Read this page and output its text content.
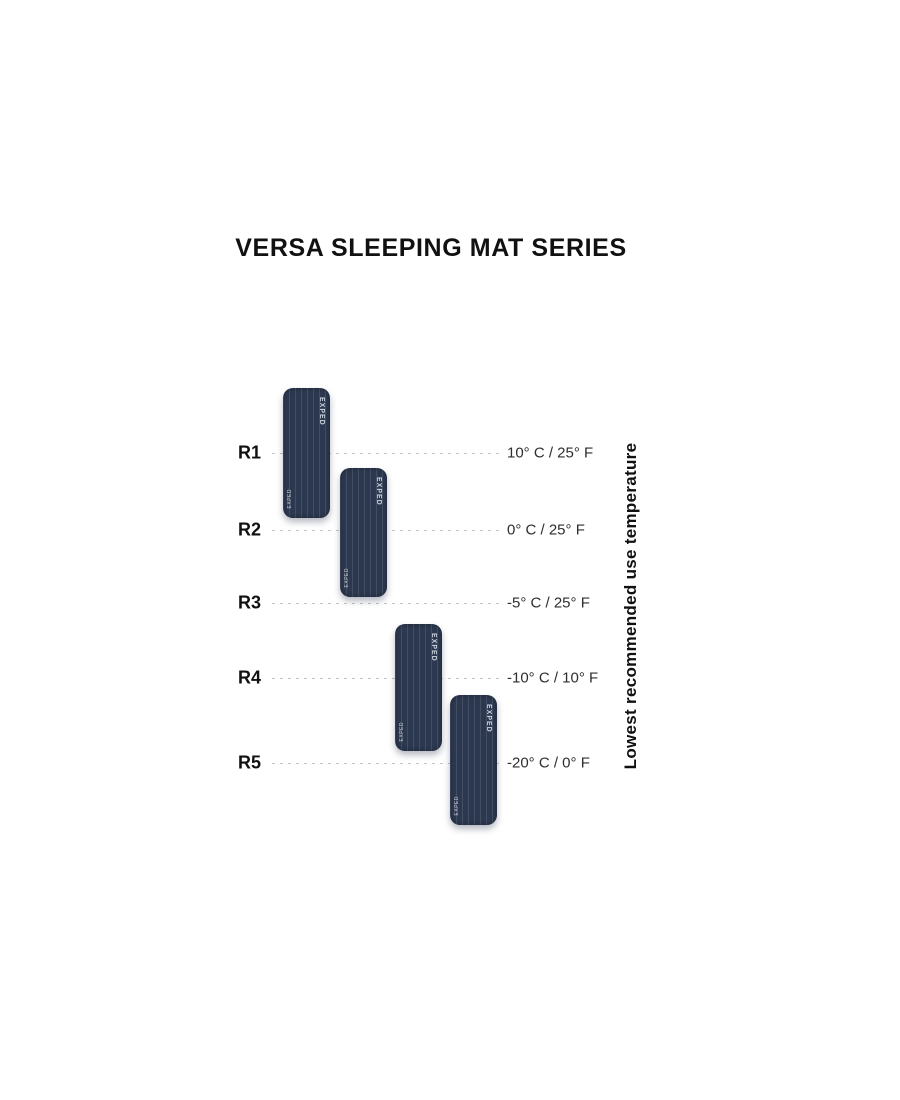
VERSA SLEEPING MAT SERIES
R1	10° C / 25° F
R2	0° C / 25° F
R3	-5° C / 25° F
R4	-10° C / 10° F
R5	-20° C / 0° F
EXPED
EXPED	EXPED
EXPED
EXPED
EXPED	EXPED
EXPED
Lowest recommended use temperature
